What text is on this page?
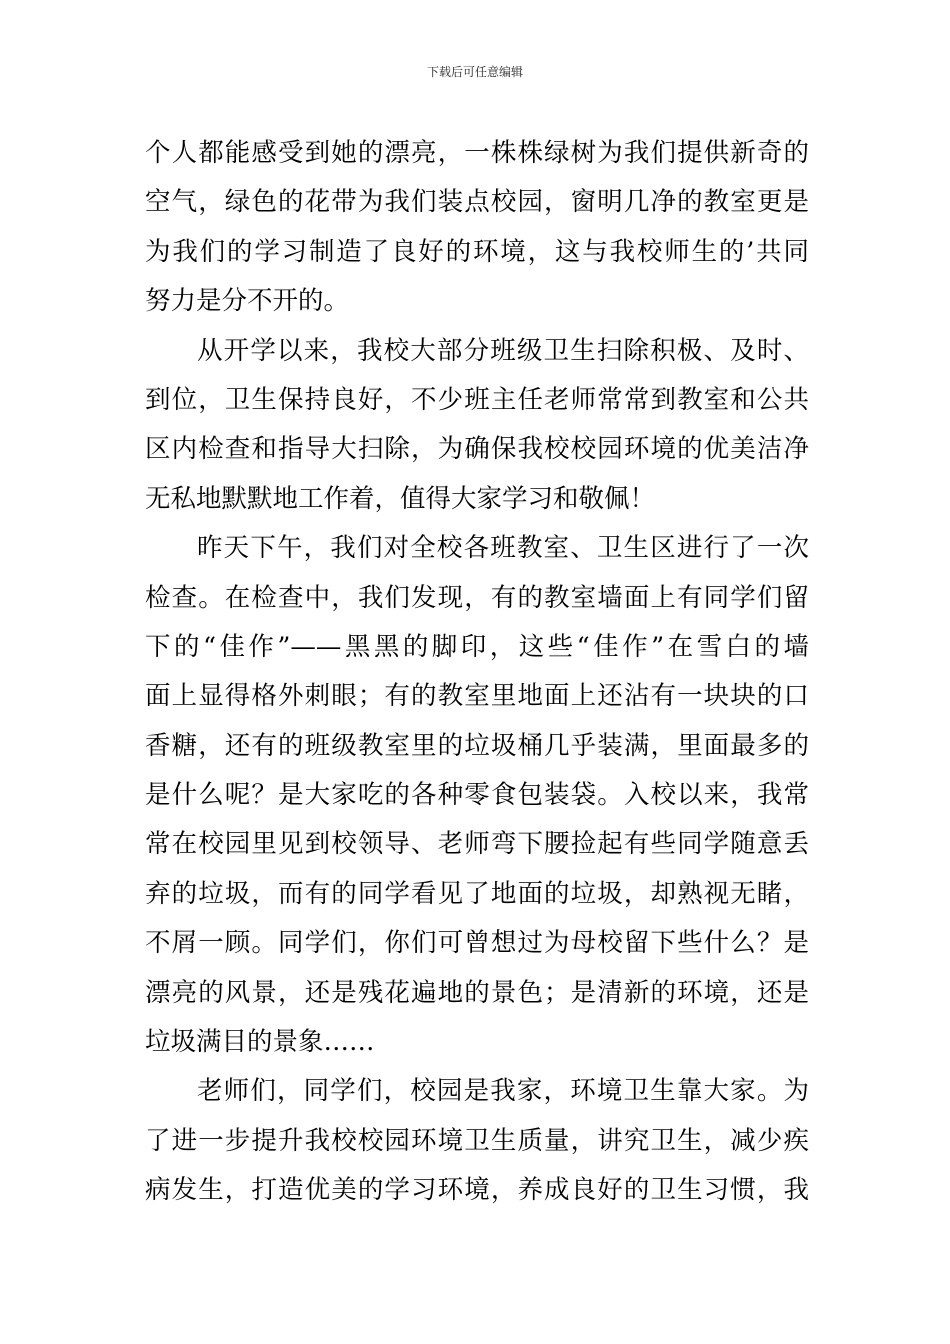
下载后可任意编辑
个人都能感受到她的漂亮，一株株绿树为我们提供新奇的
空气，绿色的花带为我们装点校园，窗明几净的教室更是
为我们的学习制造了良好的环境，这与我校师生的’共同
努力是分不开的。
从开学以来，我校大部分班级卫生扫除积极、及时、
到位，卫生保持良好，不少班主任老师常常到教室和公共
区内检查和指导大扫除，为确保我校校园环境的优美洁净
无私地默默地工作着，值得大家学习和敬佩！
昨天下午，我们对全校各班教室、卫生区进行了一次
检查。在检查中，我们发现，有的教室墙面上有同学们留
下的“佳作”——黑黑的脚印，这些“佳作”在雪白的墙
面上显得格外刺眼；有的教室里地面上还沾有一块块的口
香糖，还有的班级教室里的垃圾桶几乎装满，里面最多的
是什么呢？是大家吃的各种零食包装袋。入校以来，我常
常在校园里见到校领导、老师弯下腰捡起有些同学随意丢
弃的垃圾，而有的同学看见了地面的垃圾，却熟视无睹，
不屑一顾。同学们，你们可曾想过为母校留下些什么？是
漂亮的风景，还是残花遍地的景色；是清新的环境，还是
垃圾满目的景象……
老师们，同学们，校园是我家，环境卫生靠大家。为
了进一步提升我校校园环境卫生质量，讲究卫生，减少疾
病发生，打造优美的学习环境，养成良好的卫生习惯，我
